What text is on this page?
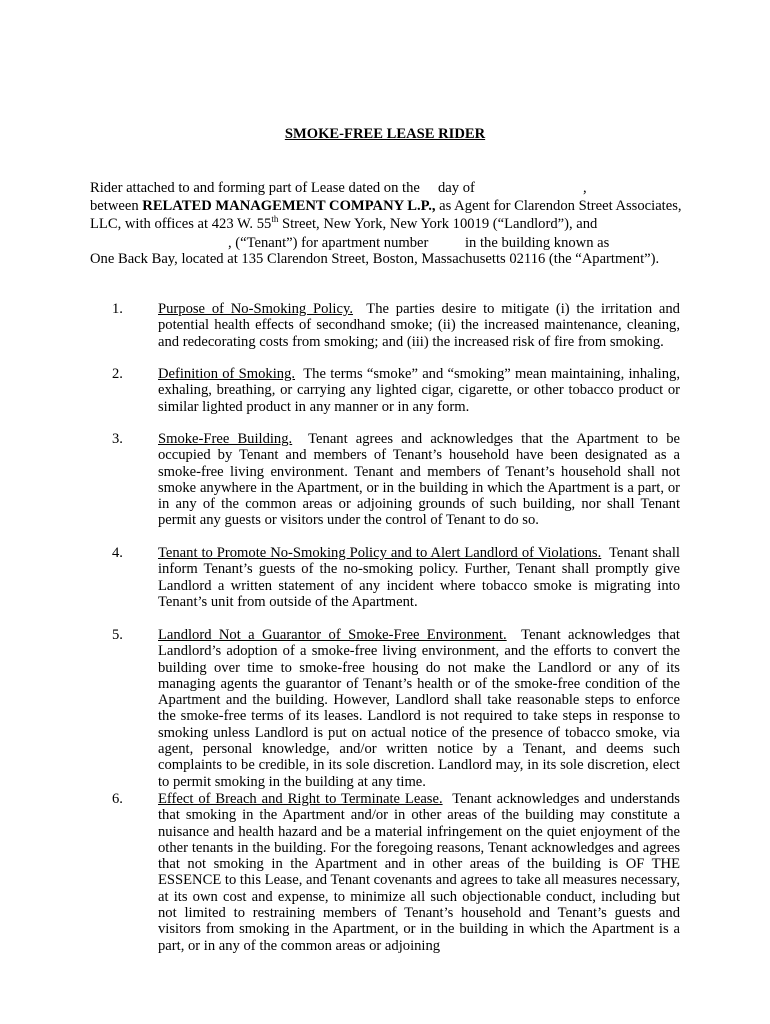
SMOKE-FREE LEASE RIDER
Rider attached to and forming part of Lease dated on the day of	,
between RELATED MANAGEMENT COMPANY L.P., as Agent for Clarendon Street Associates,
LLC, with offices at 423 W. 55th Street, New York, New York 10019 (“Landlord”), and
, (“Tenant”) for apartment number	in the building known as
One Back Bay, located at 135 Clarendon Street, Boston, Massachusetts 02116 (the “Apartment”).
1. Purpose of No-Smoking Policy. The parties desire to mitigate (i) the irritation and potential health effects of secondhand smoke; (ii) the increased maintenance, cleaning, and redecorating costs from smoking; and (iii) the increased risk of fire from smoking.
2. Definition of Smoking. The terms “smoke” and “smoking” mean maintaining, inhaling, exhaling, breathing, or carrying any lighted cigar, cigarette, or other tobacco product or similar lighted product in any manner or in any form.
3. Smoke-Free Building. Tenant agrees and acknowledges that the Apartment to be occupied by Tenant and members of Tenant’s household have been designated as a smoke-free living environment. Tenant and members of Tenant’s household shall not smoke anywhere in the Apartment, or in the building in which the Apartment is a part, or in any of the common areas or adjoining grounds of such building, nor shall Tenant permit any guests or visitors under the control of Tenant to do so.
4. Tenant to Promote No-Smoking Policy and to Alert Landlord of Violations. Tenant shall inform Tenant’s guests of the no-smoking policy. Further, Tenant shall promptly give Landlord a written statement of any incident where tobacco smoke is migrating into Tenant’s unit from outside of the Apartment.
5. Landlord Not a Guarantor of Smoke-Free Environment. Tenant acknowledges that Landlord’s adoption of a smoke-free living environment, and the efforts to convert the building over time to smoke-free housing do not make the Landlord or any of its managing agents the guarantor of Tenant’s health or of the smoke-free condition of the Apartment and the building. However, Landlord shall take reasonable steps to enforce the smoke-free terms of its leases. Landlord is not required to take steps in response to smoking unless Landlord is put on actual notice of the presence of tobacco smoke, via agent, personal knowledge, and/or written notice by a Tenant, and deems such complaints to be credible, in its sole discretion. Landlord may, in its sole discretion, elect to permit smoking in the building at any time.
6. Effect of Breach and Right to Terminate Lease. Tenant acknowledges and understands that smoking in the Apartment and/or in other areas of the building may constitute a nuisance and health hazard and be a material infringement on the quiet enjoyment of the other tenants in the building. For the foregoing reasons, Tenant acknowledges and agrees that not smoking in the Apartment and in other areas of the building is OF THE ESSENCE to this Lease, and Tenant covenants and agrees to take all measures necessary, at its own cost and expense, to minimize all such objectionable conduct, including but not limited to restraining members of Tenant’s household and Tenant’s guests and visitors from smoking in the Apartment, or in the building in which the Apartment is a part, or in any of the common areas or adjoining
